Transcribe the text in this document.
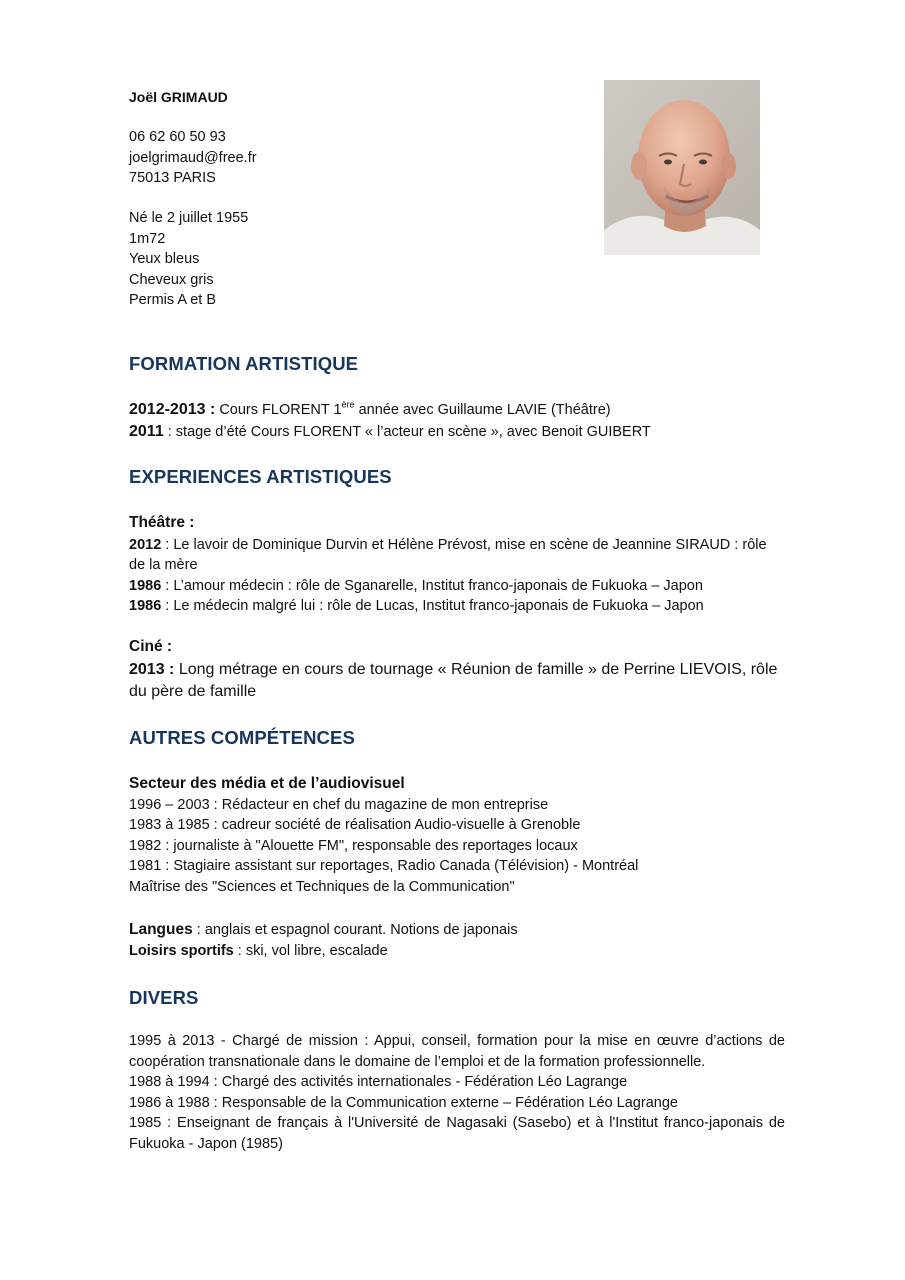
Joël GRIMAUD

06 62 60 50 93

joelgrimaud@free.fr

75013 PARIS

Né le 2 juillet 1955

1m72

Yeux bleus

Cheveux gris

Permis A et B

FORMATION ARTISTIQUE

2012-2013 : Cours FLORENT 1ère année avec Guillaume LAVIE (Théâtre)

2011 : stage d’été Cours FLORENT « l’acteur en scène », avec Benoit GUIBERT

EXPERIENCES ARTISTIQUES

Théâtre :

2012 : Le lavoir de Dominique Durvin et Hélène Prévost, mise en scène de Jeannine SIRAUD : rôle de la mère

1986 : L’amour médecin : rôle de Sganarelle, Institut franco-japonais de Fukuoka – Japon

1986 : Le médecin malgré lui : rôle de Lucas, Institut franco-japonais de Fukuoka – Japon

Ciné :

2013 : Long métrage en cours de tournage « Réunion de famille » de Perrine LIEVOIS, rôle du père de famille

AUTRES COMPÉTENCES

Secteur des média et de l’audiovisuel

1996 – 2003 : Rédacteur en chef du magazine de mon entreprise

1983 à 1985 : cadreur société de réalisation Audio-visuelle à Grenoble

1982 : journaliste à "Alouette FM", responsable des reportages locaux

1981 : Stagiaire assistant sur reportages, Radio Canada (Télévision) - Montréal

Maîtrise des "Sciences et Techniques de la Communication"

Langues : anglais et espagnol courant. Notions de japonais

Loisirs sportifs : ski, vol libre, escalade

DIVERS

1995 à 2013 - Chargé de mission : Appui, conseil, formation pour la mise en œuvre d’actions de coopération transnationale dans le domaine de l’emploi et de la formation professionnelle.

1988 à 1994 : Chargé des activités internationales - Fédération Léo Lagrange

1986 à 1988 : Responsable de la Communication externe – Fédération Léo Lagrange

1985 : Enseignant de français à l'Université de Nagasaki (Sasebo) et à l'Institut franco-japonais de Fukuoka - Japon (1985)
